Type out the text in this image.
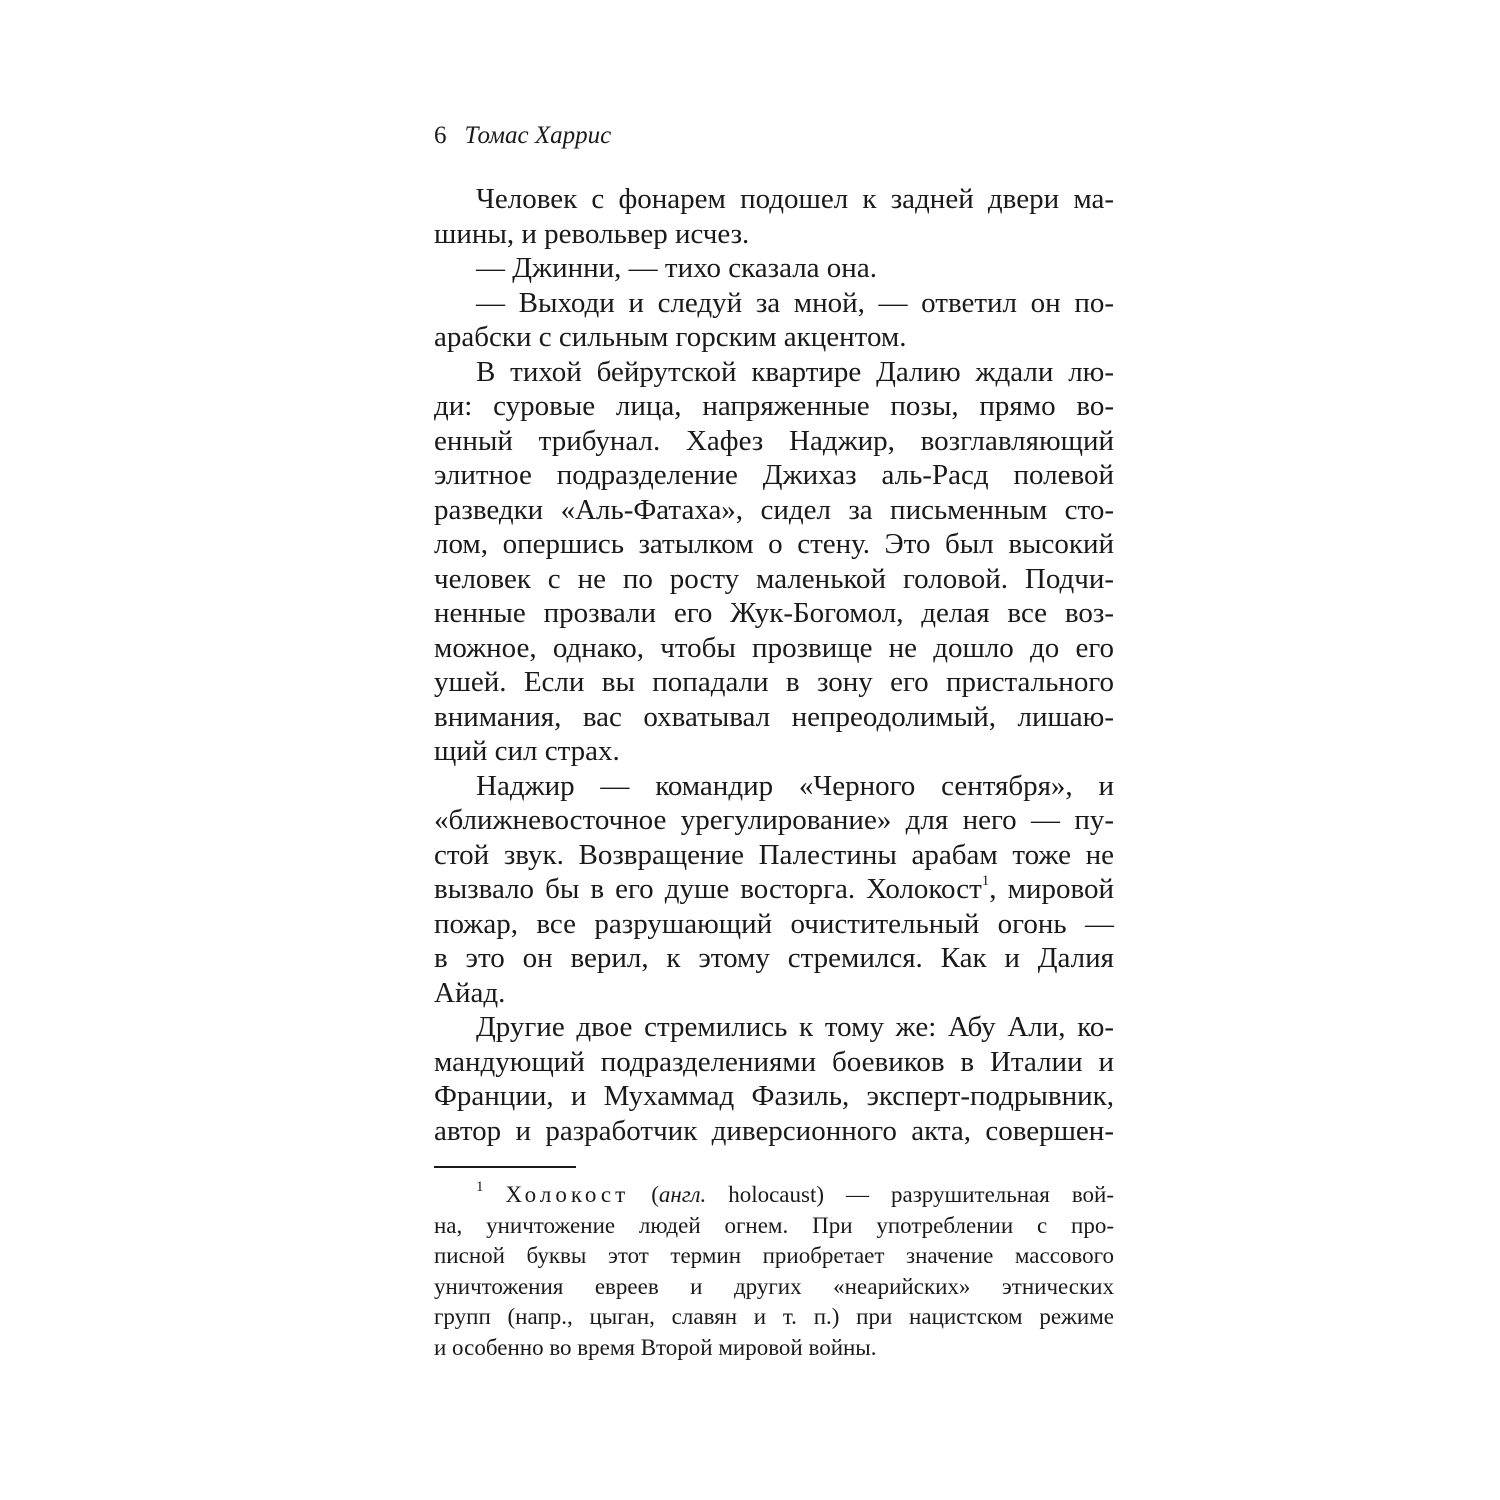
6 Томас Харрис
Человек с фонарем подошел к задней двери ма-
шины, и револьвер исчез.
— Джинни, — тихо сказала она.
— Выходи и следуй за мной, — ответил он по-
арабски с сильным горским акцентом.
В тихой бейрутской квартире Далию ждали лю-
ди: суровые лица, напряженные позы, прямо во-
енный трибунал. Хафез Наджир, возглавляющий
элитное подразделение Джихаз аль-Расд полевой
разведки «Аль-Фатаха», сидел за письменным сто-
лом, опершись затылком о стену. Это был высокий
человек с не по росту маленькой головой. Подчи-
ненные прозвали его Жук-Богомол, делая все воз-
можное, однако, чтобы прозвище не дошло до его
ушей. Если вы попадали в зону его пристального
внимания, вас охватывал непреодолимый, лишаю-
щий сил страх.
Наджир — командир «Черного сентября», и
«ближневосточное урегулирование» для него — пу-
стой звук. Возвращение Палестины арабам тоже не
вызвало бы в его душе восторга. Холокост$^1$, мировой
пожар, все разрушающий очистительный огонь —
в это он верил, к этому стремился. Как и Далия
Айад.
Другие двое стремились к тому же: Абу Али, ко-
мандующий подразделениями боевиков в Италии и
Франции, и Мухаммад Фазиль, эксперт-подрывник,
автор и разработчик диверсионного акта, совершен-
$^1$ Холокост (англ. holocaust) — разрушительная вой-
на, уничтожение людей огнем. При употреблении с про-
писной буквы этот термин приобретает значение массового
уничтожения евреев и других «неарийских» этнических
групп (напр., цыган, славян и т. п.) при нацистском режиме
и особенно во время Второй мировой войны.
